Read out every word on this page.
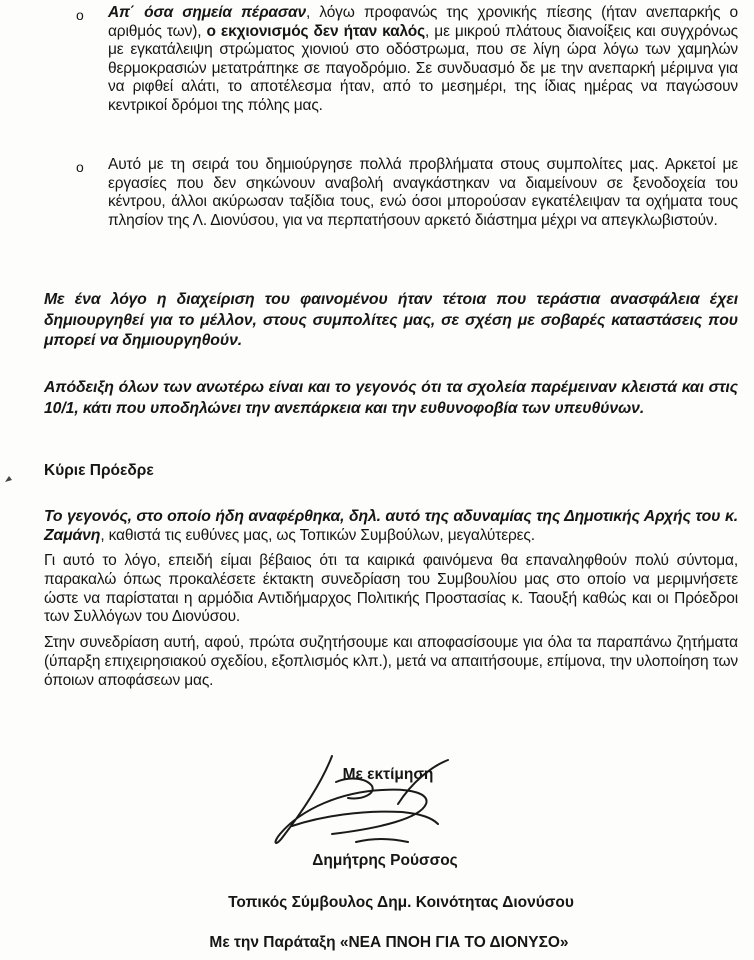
o	Απ΄ όσα σημεία πέρασαν, λόγω προφανώς της χρονικής πίεσης (ήταν ανεπαρκής ο αριθμός των), ο εκχιονισμός δεν ήταν καλός, με μικρού πλάτους διανοίξεις και συγχρόνως με εγκατάλειψη στρώματος χιονιού στο οδόστρωμα, που σε λίγη ώρα λόγω των χαμηλών θερμοκρασιών μετατράπηκε σε παγοδρόμιο. Σε συνδυασμό δε με την ανεπαρκή μέριμνα για να ριφθεί αλάτι, το αποτέλεσμα ήταν, από το μεσημέρι, της ίδιας ημέρας να παγώσουν κεντρικοί δρόμοι της πόλης μας.
o	Αυτό με τη σειρά του δημιούργησε πολλά προβλήματα στους συμπολίτες μας. Αρκετοί με εργασίες που δεν σηκώνουν αναβολή αναγκάστηκαν να διαμείνουν σε ξενοδοχεία του κέντρου, άλλοι ακύρωσαν ταξίδια τους, ενώ όσοι μπορούσαν εγκατέλειψαν τα οχήματα τους πλησίον της Λ. Διονύσου, για να περπατήσουν αρκετό διάστημα μέχρι να απεγκλωβιστούν.
Με ένα λόγο η διαχείριση του φαινομένου ήταν τέτοια που τεράστια ανασφάλεια έχει δημιουργηθεί για το μέλλον, στους συμπολίτες μας, σε σχέση με σοβαρές καταστάσεις που μπορεί να δημιουργηθούν.
Απόδειξη όλων των ανωτέρω είναι και το γεγονός ότι τα σχολεία παρέμειναν κλειστά και στις 10/1, κάτι που υποδηλώνει την ανεπάρκεια και την ευθυνοφοβία των υπευθύνων.
Κύριε Πρόεδρε
Το γεγονός, στο οποίο ήδη αναφέρθηκα, δηλ. αυτό της αδυναμίας της Δημοτικής Αρχής του κ. Ζαμάνη, καθιστά τις ευθύνες μας, ως Τοπικών Συμβούλων, μεγαλύτερες.
Γι αυτό το λόγο, επειδή είμαι βέβαιος ότι τα καιρικά φαινόμενα θα επαναληφθούν πολύ σύντομα, παρακαλώ όπως προκαλέσετε έκτακτη συνεδρίαση του Συμβουλίου μας στο οποίο να μεριμνήσετε ώστε να παρίσταται η αρμόδια Αντιδήμαρχος Πολιτικής Προστασίας κ. Ταουξή καθώς και οι Πρόεδροι των Συλλόγων του Διονύσου.
Στην συνεδρίαση αυτή, αφού, πρώτα συζητήσουμε και αποφασίσουμε για όλα τα παραπάνω ζητήματα (ύπαρξη επιχειρησιακού σχεδίου, εξοπλισμός κλπ.), μετά να απαιτήσουμε, επίμονα, την υλοποίηση των όποιων αποφάσεων μας.
Με εκτίμηση
Δημήτρης Ρούσσος
Τοπικός Σύμβουλος Δημ. Κοινότητας Διονύσου
Με την Παράταξη «ΝΕΑ ΠΝΟΗ ΓΙΑ ΤΟ ΔΙΟΝΥΣΟ»
